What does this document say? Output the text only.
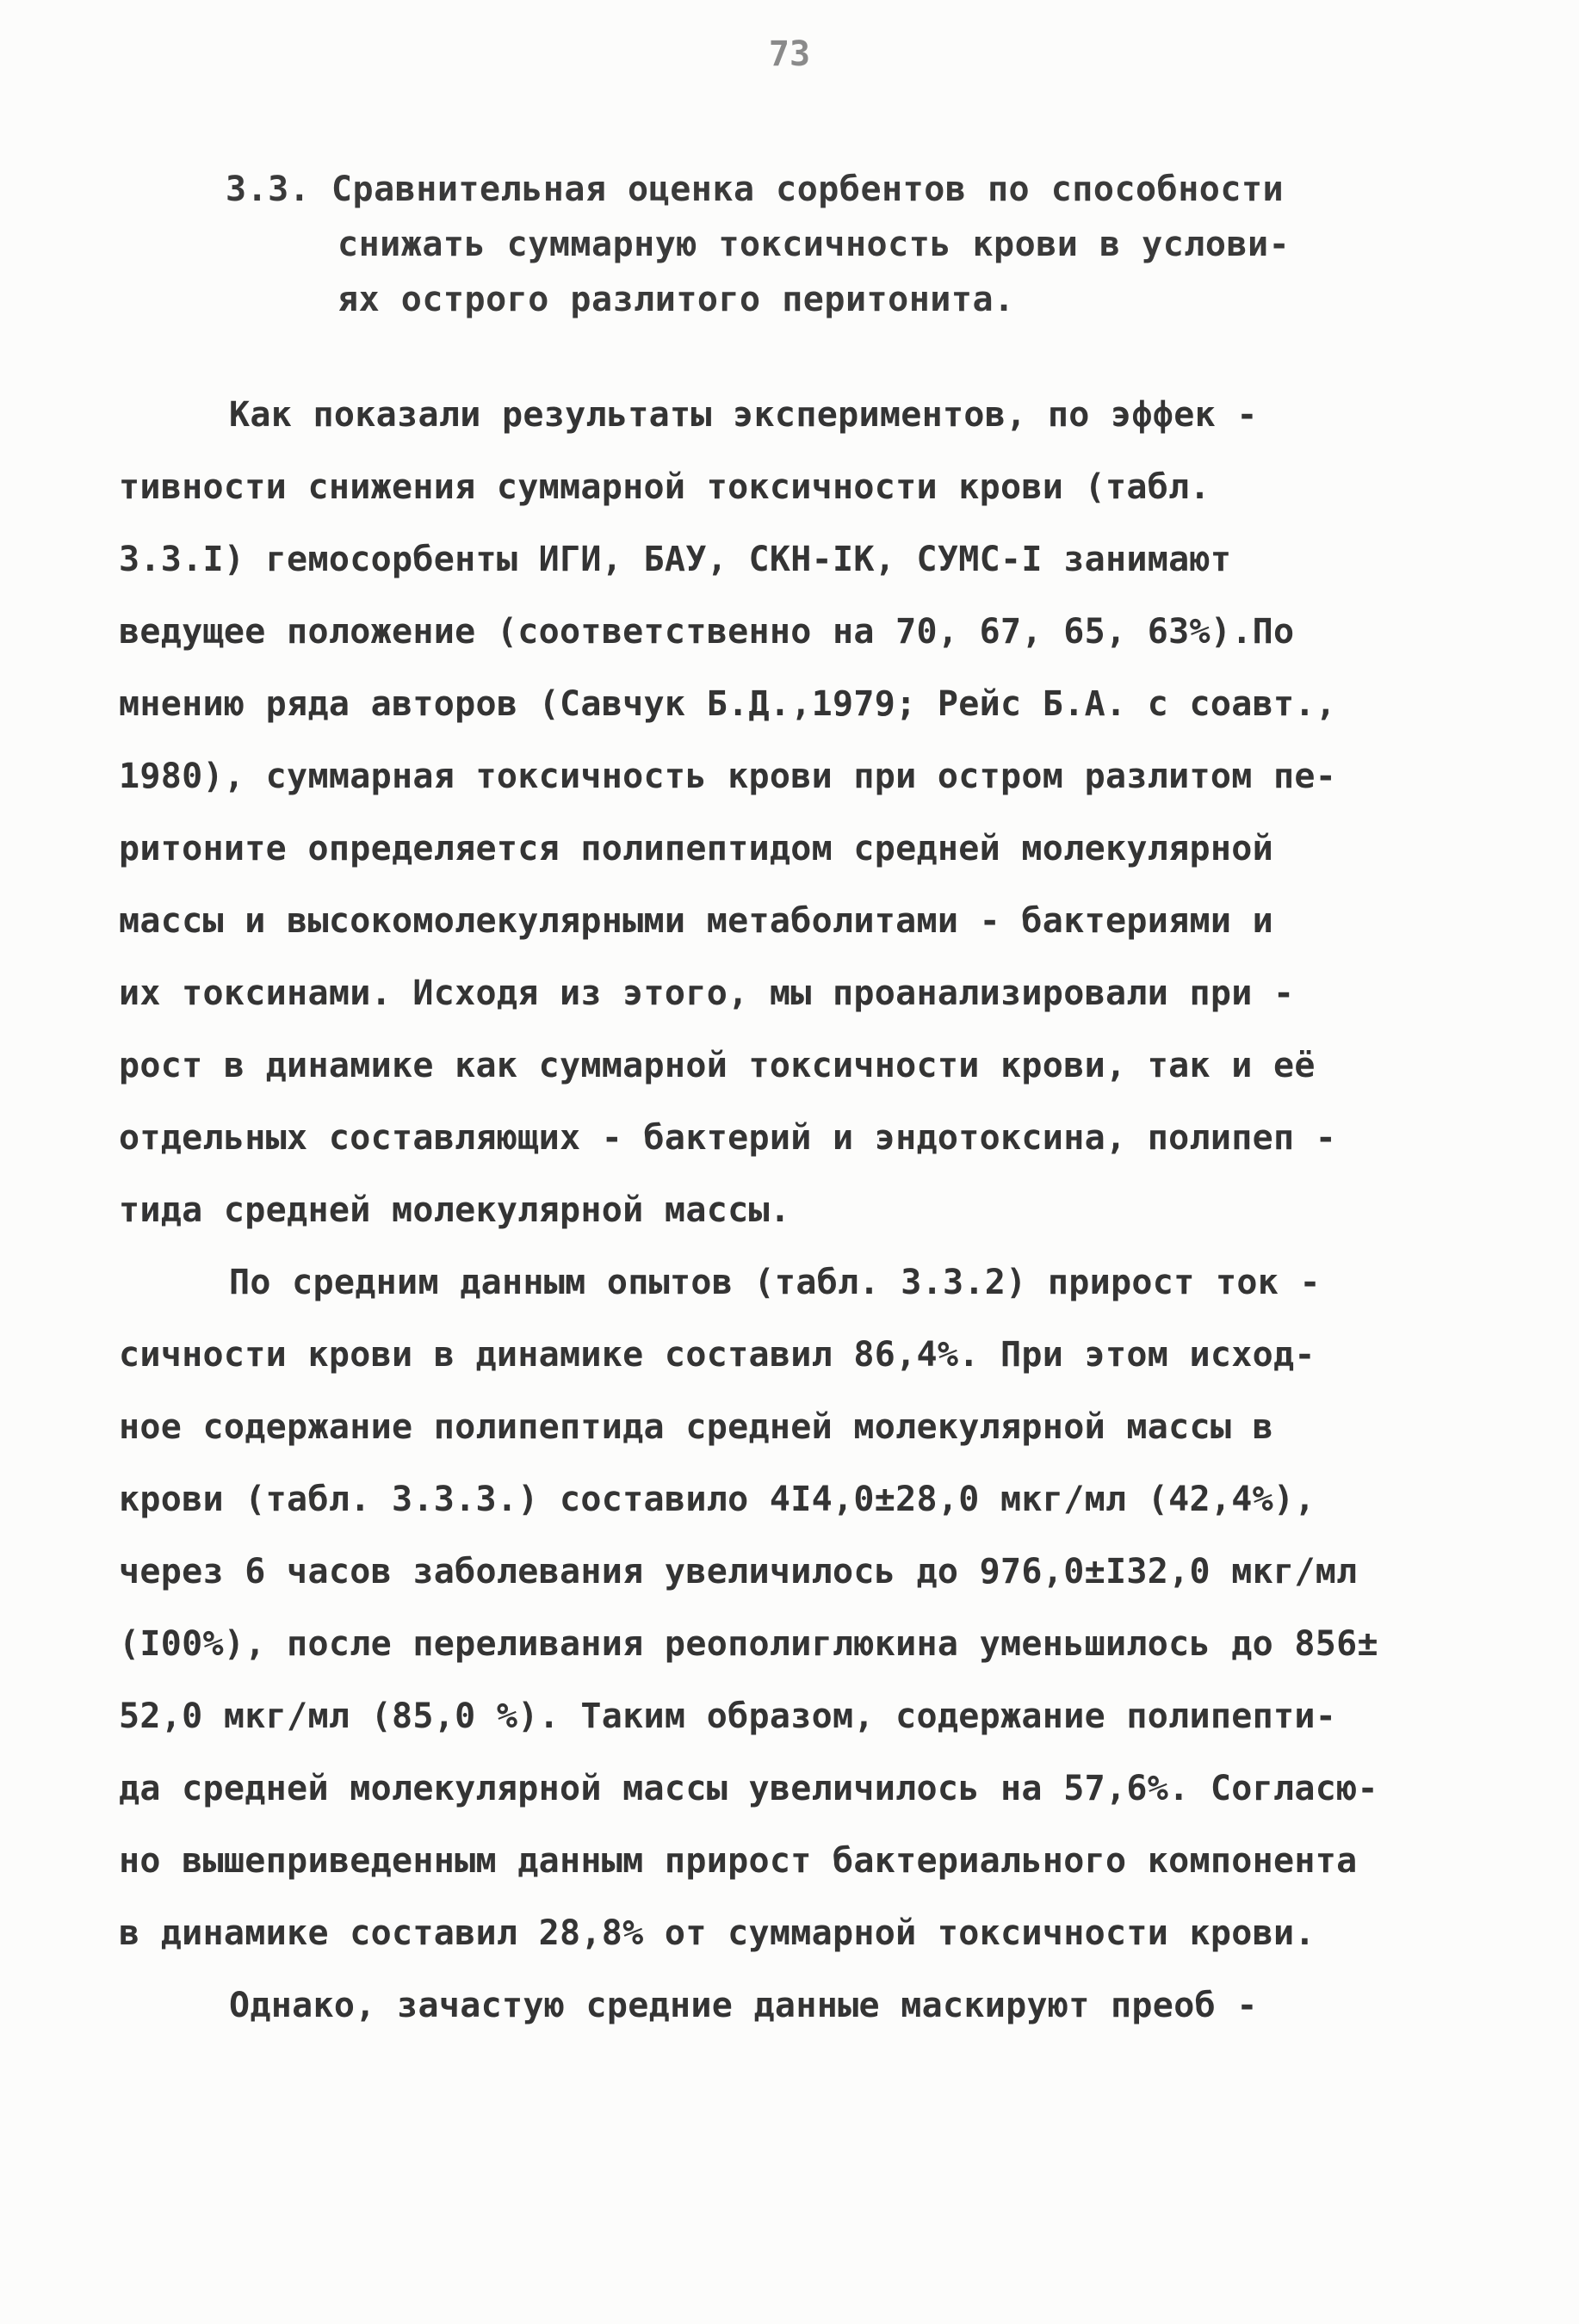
73
3.3. Сравнительная оценка сорбентов по способности
снижать суммарную токсичность крови в услови-
ях острого разлитого перитонита.
Как показали результаты экспериментов, по эффек -
тивности снижения суммарной токсичности крови (табл.
3.3.I) гемосорбенты ИГИ, БАУ, СКН-IК, СУМС-I занимают
ведущее положение (соответственно на 70, 67, 65, 63%).По
мнению ряда авторов (Савчук Б.Д.,1979; Рейс Б.А. с соавт.,
1980), суммарная токсичность крови при остром разлитом пе-
ритоните определяется полипептидом средней молекулярной
массы и высокомолекулярными метаболитами - бактериями и
их токсинами. Исходя из этого, мы проанализировали при -
рост в динамике как суммарной токсичности крови, так и её
отдельных составляющих - бактерий и эндотоксина, полипеп -
тида средней молекулярной массы.
По средним данным опытов (табл. 3.3.2) прирост ток -
сичности крови в динамике составил 86,4%. При этом исход-
ное содержание полипептида средней молекулярной массы в
крови (табл. 3.3.3.) составило 4I4,0±28,0 мкг/мл (42,4%),
через 6 часов заболевания увеличилось до 976,0±I32,0 мкг/мл
(I00%), после переливания реополиглюкина уменьшилось до 856±
52,0 мкг/мл (85,0 %). Таким образом, содержание полипепти-
да средней молекулярной массы увеличилось на 57,6%. Согласю-
но вышеприведенным данным прирост бактериального компонента
в динамике составил 28,8% от суммарной токсичности крови.
Однако, зачастую средние данные маскируют преоб -
